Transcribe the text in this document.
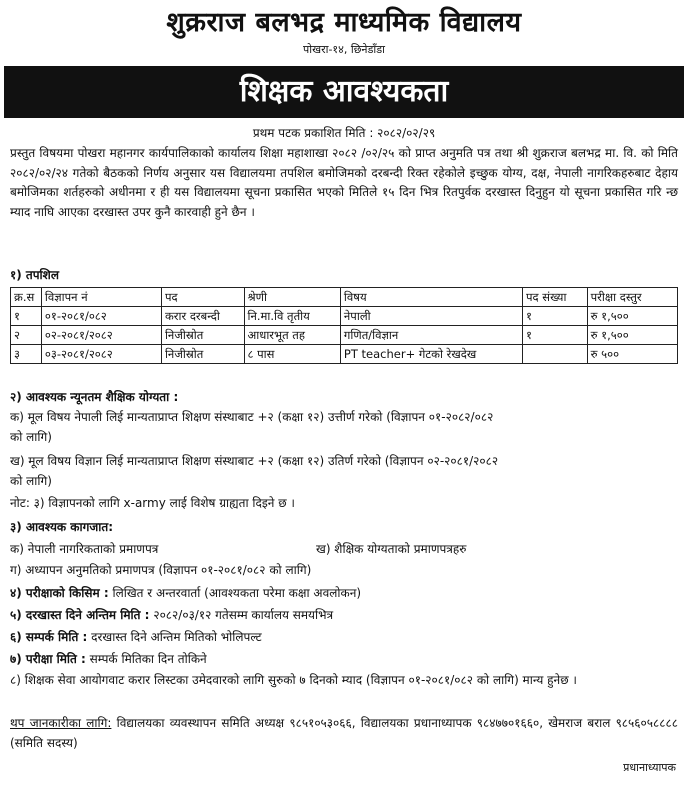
शुक्रराज बलभद्र माध्यमिक विद्यालय
पोखरा-१४, छिनेडाँडा
शिक्षक आवश्यकता
प्रथम पटक प्रकाशित मिति : २०८२/०२/२९
प्रस्तुत विषयमा पोखरा महानगर कार्यपालिकाको कार्यालय शिक्षा महाशाखा २०८२ /०२/२५ को प्राप्त अनुमति पत्र तथा श्री शुक्रराज बलभद्र मा. वि. को मिति २०८२/०२/२४ गतेको बैठकको निर्णय अनुसार यस विद्यालयमा तपशिल बमोजिमको दरबन्दी रिक्त रहेकोले इच्छुक योग्य, दक्ष, नेपाली नागरिकहरुबाट देहाय बमोजिमका शर्तहरुको अधीनमा र ही यस विद्यालयमा सूचना प्रकासित भएको मितिले १५ दिन भित्र रितपुर्वक दरखास्त दिनुहुन यो सूचना प्रकासित गरि न्छ म्याद नाघि आएका दरखास्त उपर कुनै कारवाही हुने छैन ।
१) तपशिल
क्र.स	विज्ञापन नं	पद	श्रेणी	विषय	पद संख्या	परीक्षा दस्तुर
१	०१-२०८१/०८२	करार दरबन्दी	नि.मा.वि तृतीय	नेपाली	१	रु १,५००
२	०२-२०८१/२०८२	निजीस्रोत	आधारभूत तह	गणित/विज्ञान	१	रु १,५००
३	०३-२०८१/२०८२	निजीस्रोत	८ पास	PT teacher+ गेटको रेखदेख		रु ५००
२) आवश्यक न्यूनतम शैक्षिक योग्यता :
क) मूल विषय नेपाली लिई मान्यताप्राप्त शिक्षण संस्थाबाट +२ (कक्षा १२) उत्तीर्ण गरेको (विज्ञापन ०१-२०८२/०८२
को लागि)
ख) मूल विषय विज्ञान लिई मान्यताप्राप्त शिक्षण संस्थाबाट +२ (कक्षा १२) उतिर्ण गरेको (विज्ञापन ०२-२०८१/२०८२
को लागि)
नोट: ३) विज्ञापनको लागि x-army लाई विशेष ग्राह्यता दिइने छ ।
३) आवश्यक कागजात:
क) नेपाली नागरिकताको प्रमाणपत्र	ख) शैक्षिक योग्यताको प्रमाणपत्रहरु
ग) अध्यापन अनुमतिको प्रमाणपत्र (विज्ञापन ०१-२०८१/०८२ को लागि)
४) परीक्षाको किसिम : लिखित र अन्तरवार्ता (आवश्यकता परेमा कक्षा अवलोकन)
५) दरखास्त दिने अन्तिम मिति : २०८२/०३/१२ गतेसम्म कार्यालय समयभित्र
६) सम्पर्क मिति : दरखास्त दिने अन्तिम मितिको भोलिपल्ट
७) परीक्षा मिति : सम्पर्क मितिका दिन तोकिने
८) शिक्षक सेवा आयोगवाट करार लिस्टका उमेदवारको लागि सुरुको ७ दिनको म्याद (विज्ञापन ०१-२०८१/०८२ को लागि) मान्य हुनेछ ।
थप जानकारीका लागि: विद्यालयका व्यवस्थापन समिति अध्यक्ष ९८५१०५३०६६, विद्यालयका प्रधानाध्यापक ९८४७७०१६६०, खेमराज बराल ९८५६०५८८८८ (समिति सदस्य)
प्रधानाध्यापक
